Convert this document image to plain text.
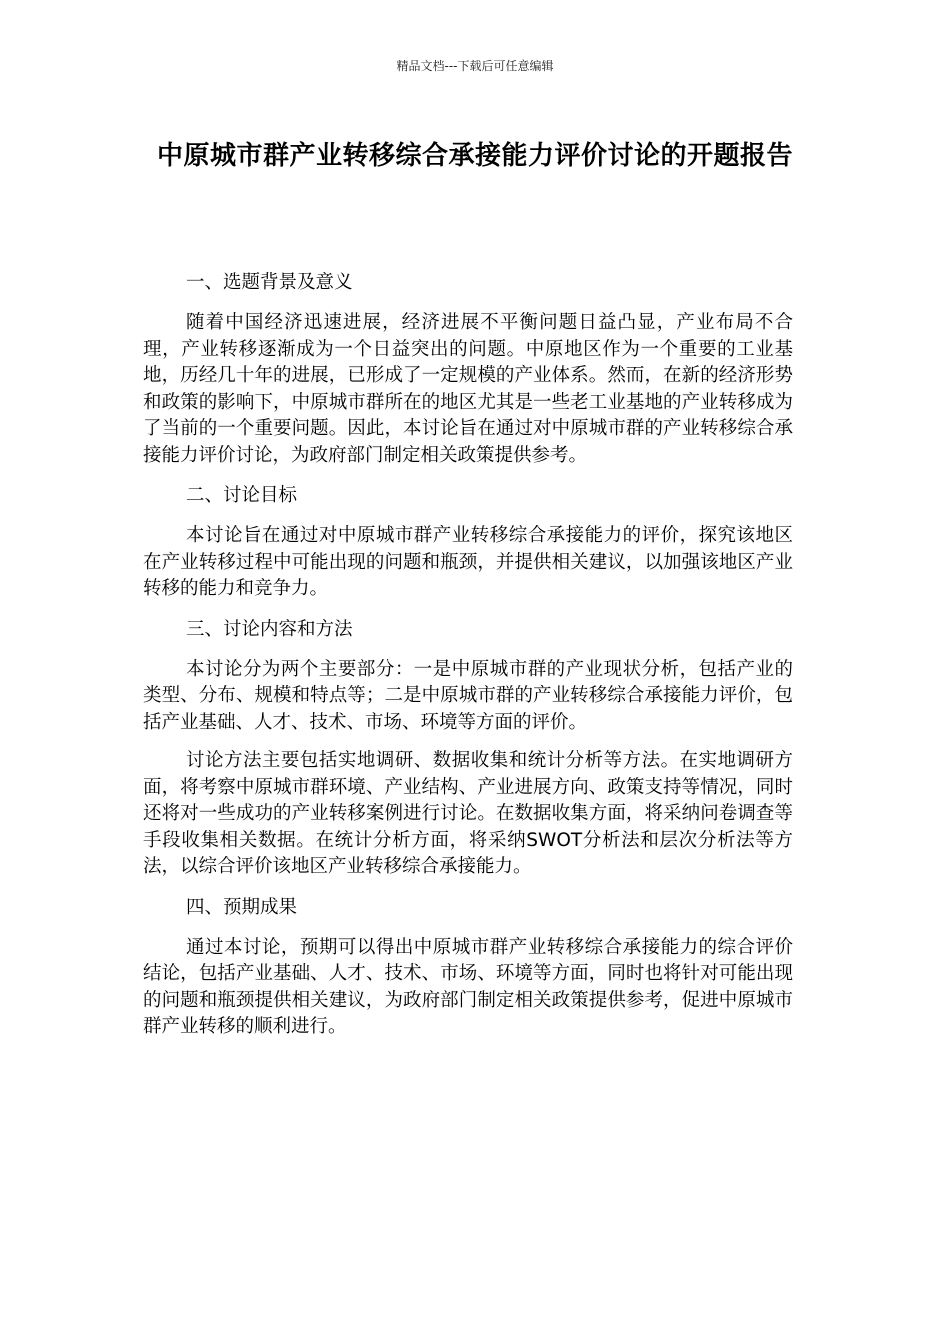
精品文档---下载后可任意编辑
中原城市群产业转移综合承接能力评价讨论的开题报告
一、选题背景及意义

随着中国经济迅速进展，经济进展不平衡问题日益凸显，产业布局不合理，产业转移逐渐成为一个日益突出的问题。中原地区作为一个重要的工业基地，历经几十年的进展，已形成了一定规模的产业体系。然而，在新的经济形势和政策的影响下，中原城市群所在的地区尤其是一些老工业基地的产业转移成为了当前的一个重要问题。因此，本讨论旨在通过对中原城市群的产业转移综合承接能力评价讨论，为政府部门制定相关政策提供参考。

二、讨论目标

本讨论旨在通过对中原城市群产业转移综合承接能力的评价，探究该地区在产业转移过程中可能出现的问题和瓶颈，并提供相关建议，以加强该地区产业转移的能力和竞争力。

三、讨论内容和方法

本讨论分为两个主要部分：一是中原城市群的产业现状分析，包括产业的类型、分布、规模和特点等；二是中原城市群的产业转移综合承接能力评价，包括产业基础、人才、技术、市场、环境等方面的评价。

讨论方法主要包括实地调研、数据收集和统计分析等方法。在实地调研方面，将考察中原城市群环境、产业结构、产业进展方向、政策支持等情况，同时还将对一些成功的产业转移案例进行讨论。在数据收集方面，将采纳问卷调查等手段收集相关数据。在统计分析方面，将采纳SWOT分析法和层次分析法等方法，以综合评价该地区产业转移综合承接能力。

四、预期成果

通过本讨论，预期可以得出中原城市群产业转移综合承接能力的综合评价结论，包括产业基础、人才、技术、市场、环境等方面，同时也将针对可能出现的问题和瓶颈提供相关建议，为政府部门制定相关政策提供参考，促进中原城市群产业转移的顺利进行。
